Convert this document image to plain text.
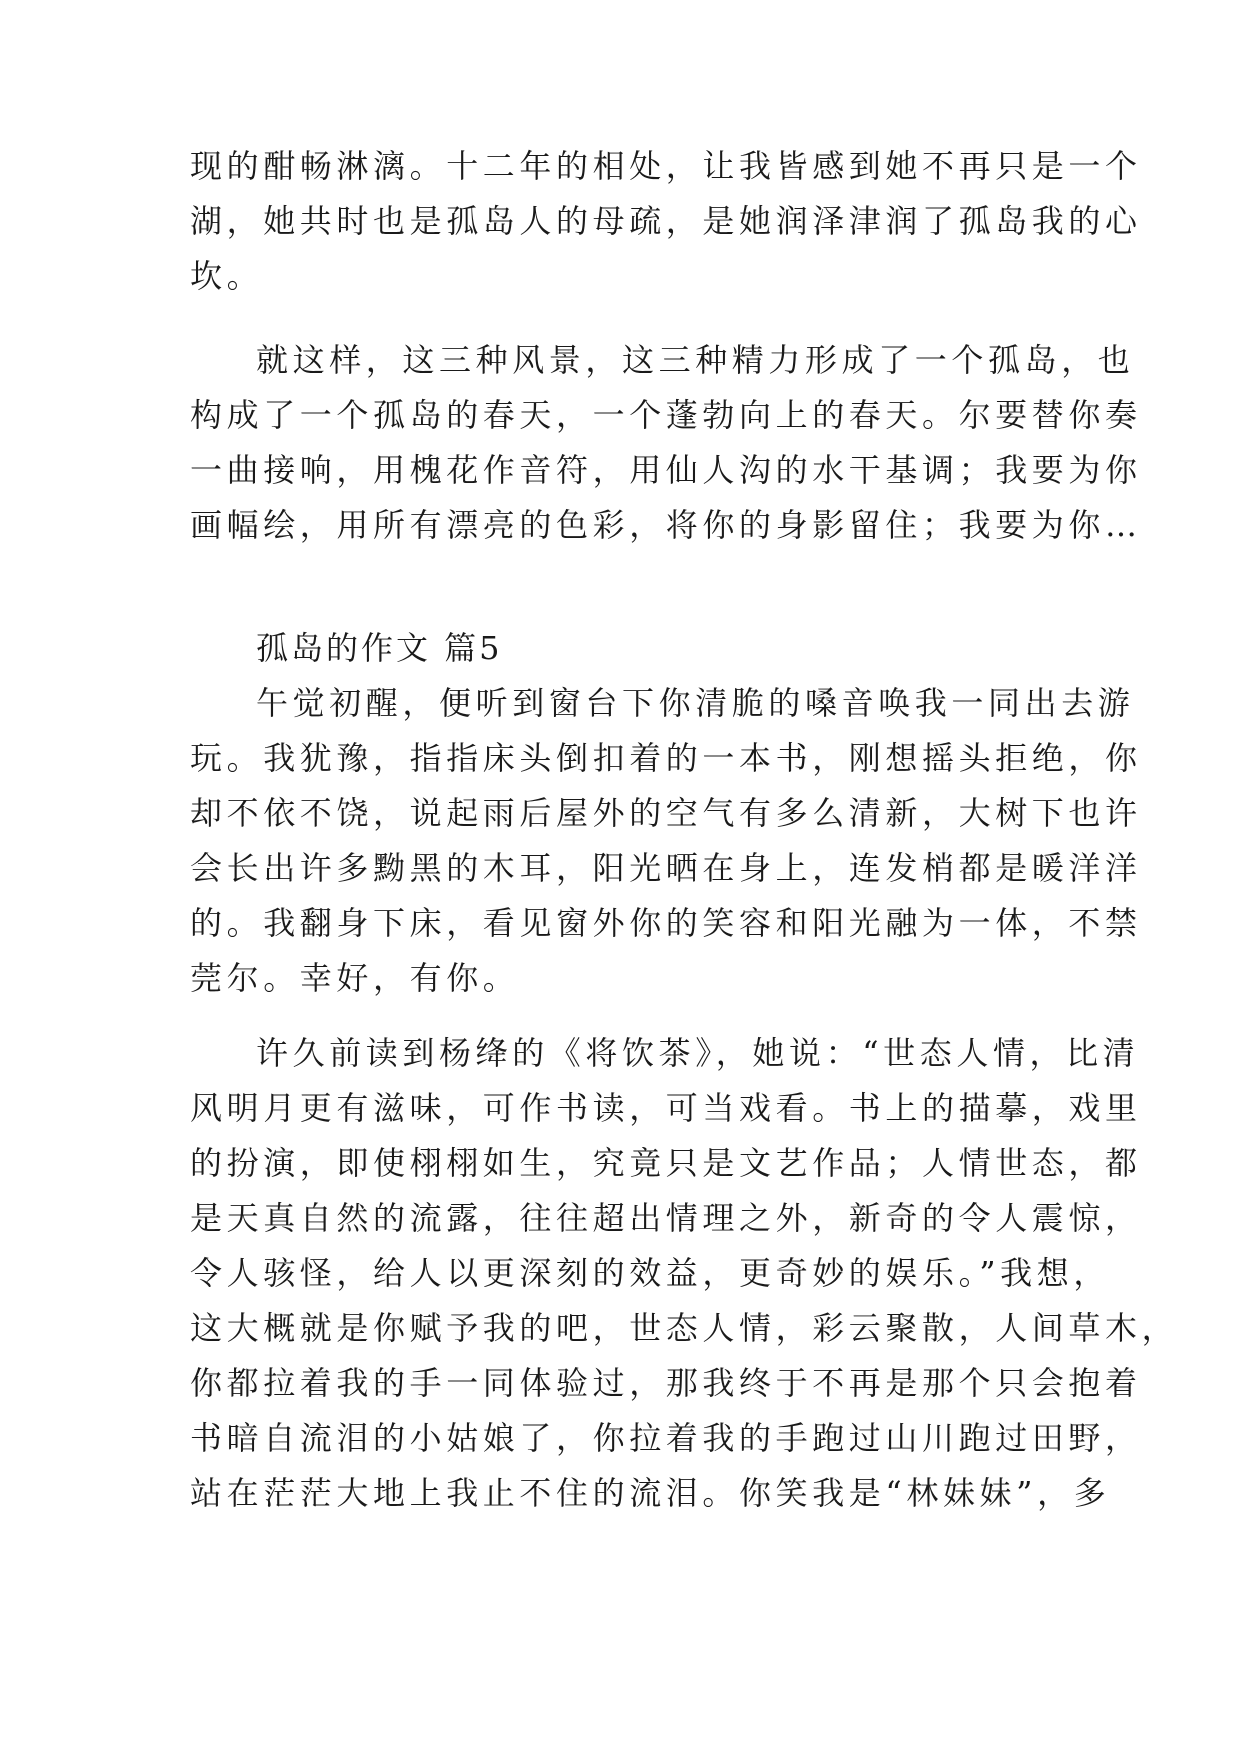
现的酣畅淋漓。十二年的相处，让我皆感到她不再只是一个
湖，她共时也是孤岛人的母疏，是她润泽津润了孤岛我的心
坎。
就这样，这三种风景，这三种精力形成了一个孤岛，也
构成了一个孤岛的春天，一个蓬勃向上的春天。尔要替你奏
一曲接响，用槐花作音符，用仙人沟的水干基调；我要为你
画幅绘，用所有漂亮的色彩，将你的身影留住；我要为你…
孤岛的作文 篇5
午觉初醒，便听到窗台下你清脆的嗓音唤我一同出去游
玩。我犹豫，指指床头倒扣着的一本书，刚想摇头拒绝，你
却不依不饶，说起雨后屋外的空气有多么清新，大树下也许
会长出许多黝黑的木耳，阳光晒在身上，连发梢都是暖洋洋
的。我翻身下床，看见窗外你的笑容和阳光融为一体，不禁
莞尔。幸好，有你。
许久前读到杨绛的《将饮茶》，她说：“世态人情，比清
风明月更有滋味，可作书读，可当戏看。书上的描摹，戏里
的扮演，即使栩栩如生，究竟只是文艺作品；人情世态，都
是天真自然的流露，往往超出情理之外，新奇的令人震惊，
令人骇怪，给人以更深刻的效益，更奇妙的娱乐。”我想，
这大概就是你赋予我的吧，世态人情，彩云聚散，人间草木，
你都拉着我的手一同体验过，那我终于不再是那个只会抱着
书暗自流泪的小姑娘了，你拉着我的手跑过山川跑过田野，
站在茫茫大地上我止不住的流泪。你笑我是“林妹妹”，多
